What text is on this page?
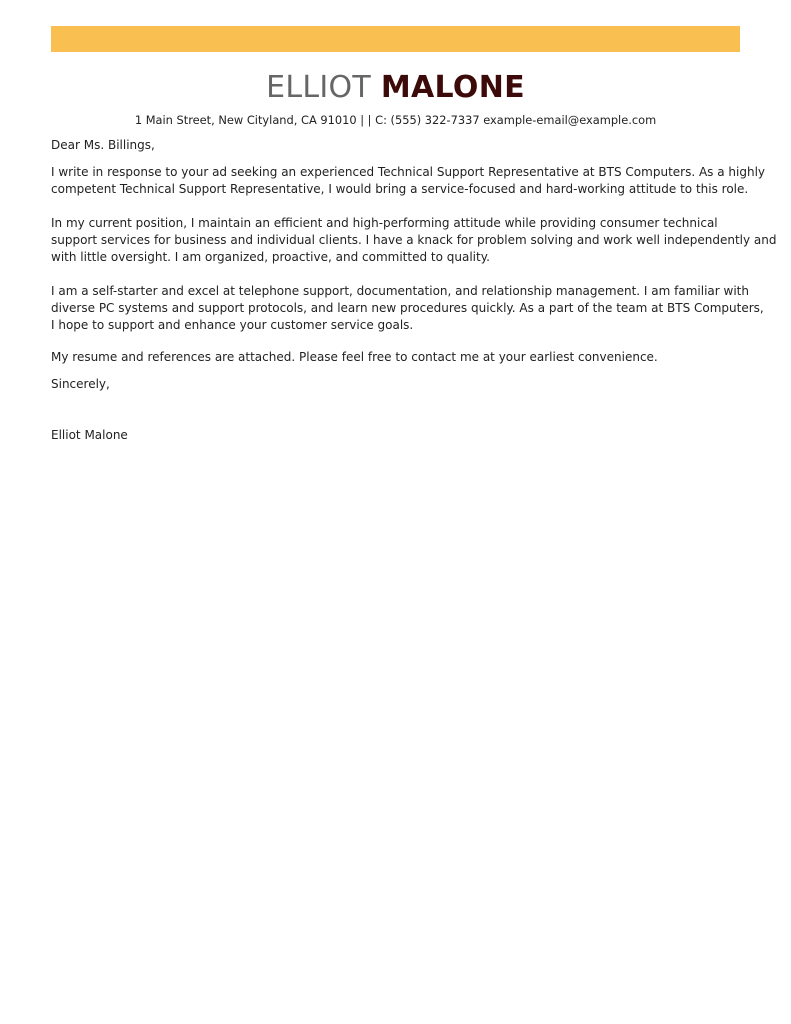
ELLIOT MALONE
1 Main Street, New Cityland, CA 91010 | | C: (555) 322-7337 example-email@example.com
Dear Ms. Billings,
I write in response to your ad seeking an experienced Technical Support Representative at BTS Computers. As a highly
competent Technical Support Representative, I would bring a service-focused and hard-working attitude to this role.
In my current position, I maintain an efficient and high-performing attitude while providing consumer technical
support services for business and individual clients. I have a knack for problem solving and work well independently and
with little oversight. I am organized, proactive, and committed to quality.
I am a self-starter and excel at telephone support, documentation, and relationship management. I am familiar with
diverse PC systems and support protocols, and learn new procedures quickly. As a part of the team at BTS Computers,
I hope to support and enhance your customer service goals.
My resume and references are attached. Please feel free to contact me at your earliest convenience.
Sincerely,
Elliot Malone
